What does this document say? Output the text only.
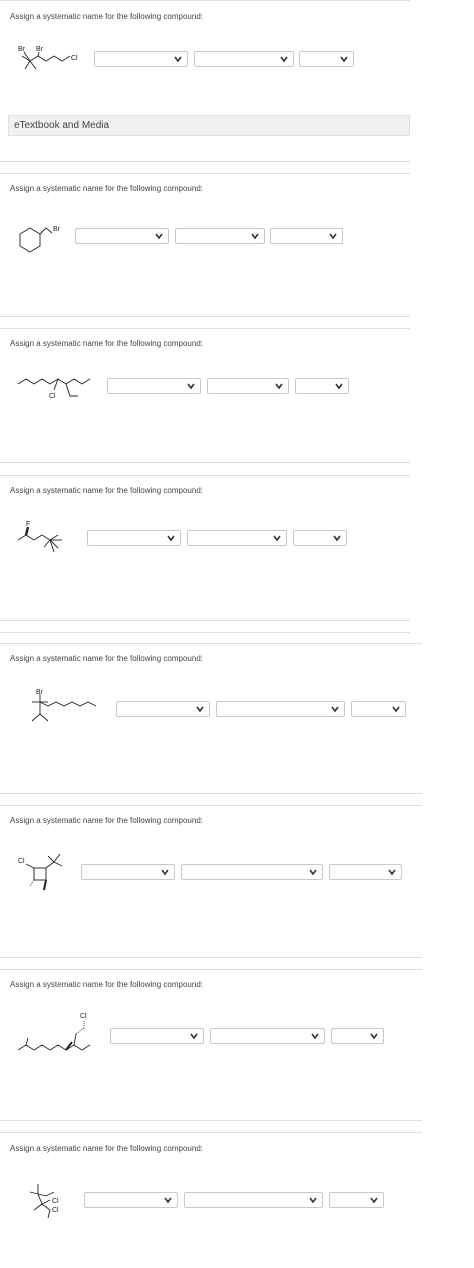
Assign a systematic name for the following compound:
Br Br
Cl
eTextbook and Media
Assign a systematic name for the following compound:
Br
Assign a systematic name for the following compound:
Cl
Assign a systematic name for the following compound:
F
Assign a systematic name for the following compound:
Br
Assign a systematic name for the following compound:
Cl
Assign a systematic name for the following compound:
Cl
Assign a systematic name for the following compound:
Cl
Cl
